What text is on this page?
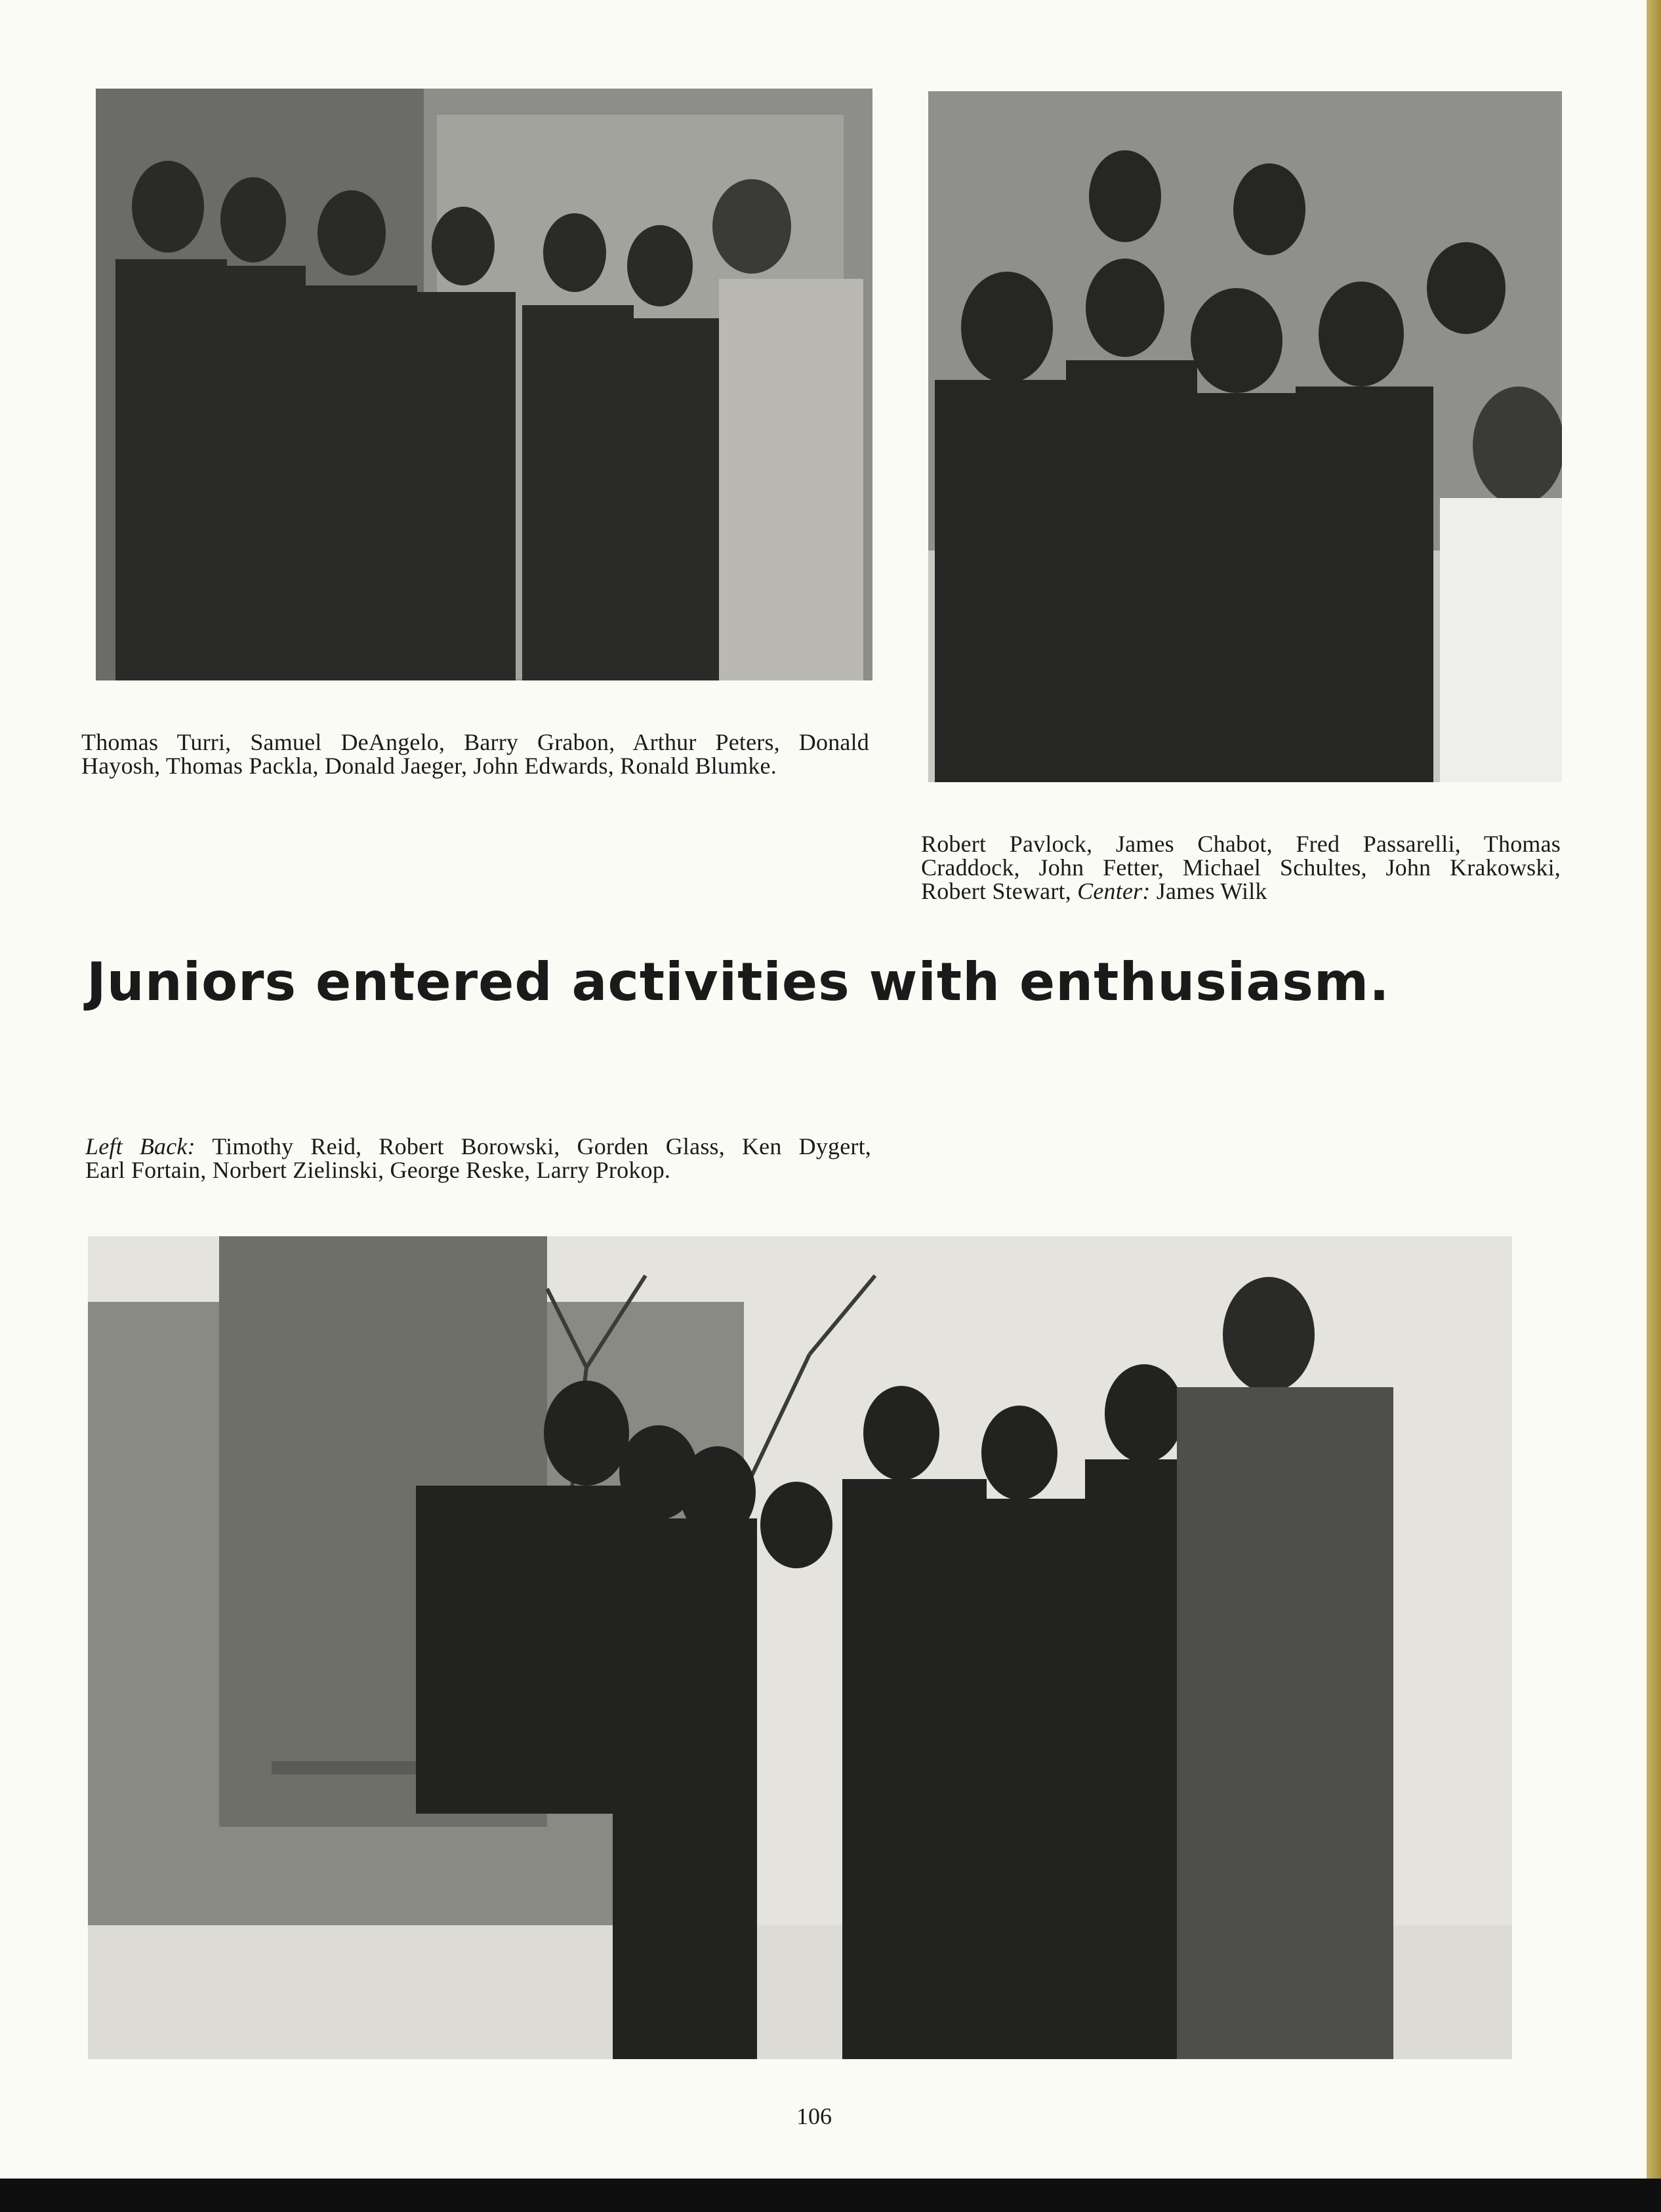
Thomas Turri, Samuel DeAngelo, Barry Grabon, Arthur Peters, Donald
Hayosh, Thomas Packla, Donald Jaeger, John Edwards, Ronald Blumke.
Robert Pavlock, James Chabot, Fred Passarelli, Thomas
Craddock, John Fetter, Michael Schultes, John Krakowski,
Robert Stewart, Center: James Wilk
Juniors entered activities with enthusiasm.
Left Back: Timothy Reid, Robert Borowski, Gorden Glass, Ken Dygert,
Earl Fortain, Norbert Zielinski, George Reske, Larry Prokop.
106
